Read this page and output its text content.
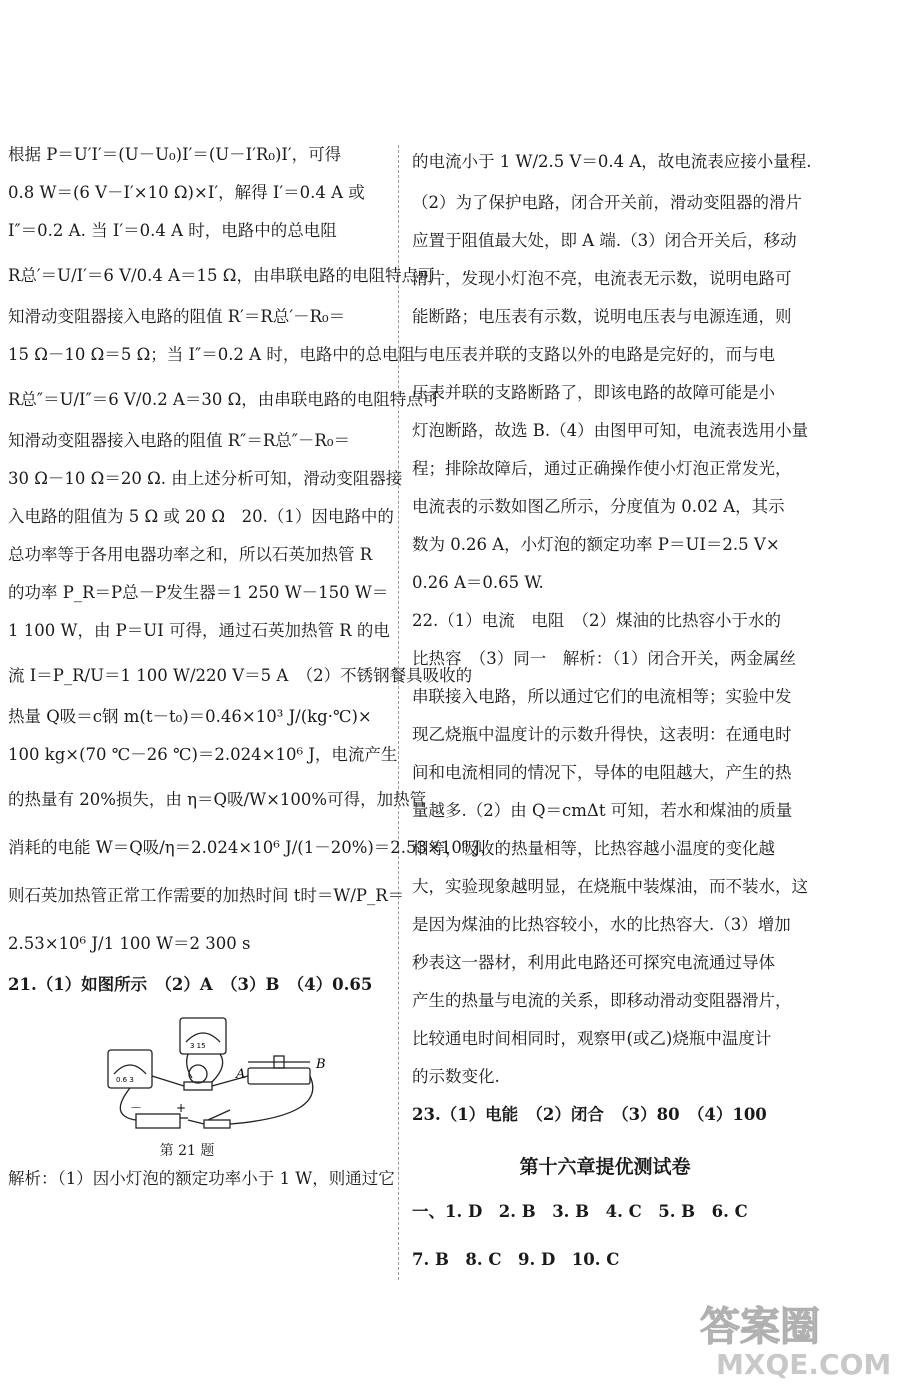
根据 P＝U′I′＝(U－U₀)I′＝(U－I′R₀)I′，可得
0.8 W＝(6 V－I′×10 Ω)×I′，解得 I′＝0.4 A 或
I″＝0.2 A. 当 I′＝0.4 A 时，电路中的总电阻
R总′＝U/I′＝6 V/0.4 A＝15 Ω，由串联电路的电阻特点可
知滑动变阻器接入电路的阻值 R′＝R总′－R₀＝
15 Ω－10 Ω＝5 Ω；当 I″＝0.2 A 时，电路中的总电阻
R总″＝U/I″＝6 V/0.2 A＝30 Ω，由串联电路的电阻特点可
知滑动变阻器接入电路的阻值 R″＝R总″－R₀＝
30 Ω－10 Ω＝20 Ω. 由上述分析可知，滑动变阻器接
入电路的阻值为 5 Ω 或 20 Ω　20.（1）因电路中的
总功率等于各用电器功率之和，所以石英加热管 R
的功率 P_R＝P总－P发生器＝1 250 W－150 W＝
1 100 W，由 P＝UI 可得，通过石英加热管 R 的电
流 I＝P_R/U＝1 100 W/220 V＝5 A　（2）不锈钢餐具吸收的
热量 Q吸＝c钢 m(t－t₀)＝0.46×10³ J/(kg·℃)×
100 kg×(70 ℃－26 ℃)＝2.024×10⁶ J，电流产生
的热量有 20%损失，由 η＝Q吸/W×100%可得，加热管
消耗的电能 W＝Q吸/η＝2.024×10⁶ J/(1－20%)＝2.53×10⁶ J，
则石英加热管正常工作需要的加热时间 t时＝W/P_R＝
2.53×10⁶ J/1 100 W＝2 300 s
21.（1）如图所示　（2）A　（3）B　（4）0.65
A
B
+
－
3 15
0.6 3
第 21 题
解析：（1）因小灯泡的额定功率小于 1 W，则通过它
的电流小于 1 W/2.5 V＝0.4 A，故电流表应接小量程.
（2）为了保护电路，闭合开关前，滑动变阻器的滑片
应置于阻值最大处，即 A 端.（3）闭合开关后，移动
滑片，发现小灯泡不亮，电流表无示数，说明电路可
能断路；电压表有示数，说明电压表与电源连通，则
与电压表并联的支路以外的电路是完好的，而与电
压表并联的支路断路了，即该电路的故障可能是小
灯泡断路，故选 B.（4）由图甲可知，电流表选用小量
程；排除故障后，通过正确操作使小灯泡正常发光，
电流表的示数如图乙所示，分度值为 0.02 A，其示
数为 0.26 A，小灯泡的额定功率 P＝UI＝2.5 V×
0.26 A＝0.65 W.
22.（1）电流　电阻　（2）煤油的比热容小于水的
比热容　（3）同一　解析：（1）闭合开关，两金属丝
串联接入电路，所以通过它们的电流相等；实验中发
现乙烧瓶中温度计的示数升得快，这表明：在通电时
间和电流相同的情况下，导体的电阻越大，产生的热
量越多.（2）由 Q＝cmΔt 可知，若水和煤油的质量
相等，吸收的热量相等，比热容越小温度的变化越
大，实验现象越明显，在烧瓶中装煤油，而不装水，这
是因为煤油的比热容较小，水的比热容大.（3）增加
秒表这一器材，利用此电路还可探究电流通过导体
产生的热量与电流的关系，即移动滑动变阻器滑片，
比较通电时间相同时，观察甲(或乙)烧瓶中温度计
的示数变化.
23.（1）电能　（2）闭合　（3）80　（4）100
第十六章提优测试卷
一、1. D　2. B　3. B　4. C　5. B　6. C
7. B　8. C　9. D　10. C
答案圈
MXQE.COM
